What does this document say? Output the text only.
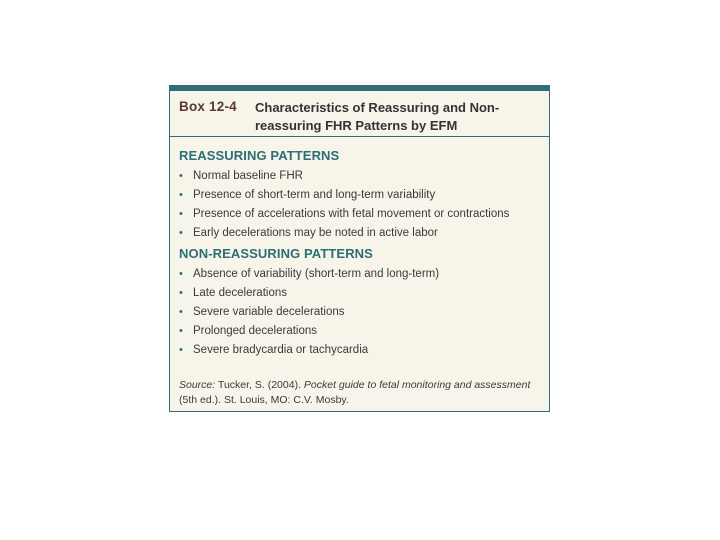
Box 12-4 Characteristics of Reassuring and Non-reassuring FHR Patterns by EFM
REASSURING PATTERNS
• Normal baseline FHR
• Presence of short-term and long-term variability
• Presence of accelerations with fetal movement or contractions
• Early decelerations may be noted in active labor
NON-REASSURING PATTERNS
• Absence of variability (short-term and long-term)
• Late decelerations
• Severe variable decelerations
• Prolonged decelerations
• Severe bradycardia or tachycardia
Source: Tucker, S. (2004). Pocket guide to fetal monitoring and assessment (5th ed.). St. Louis, MO: C.V. Mosby.
